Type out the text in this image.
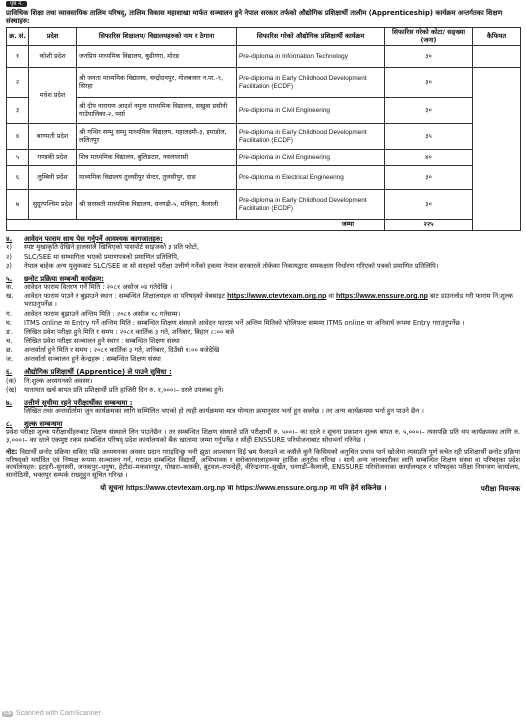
पृष्ठ नं.

प्राविधिक शिक्षा तथा व्यावसायिक तालिम परिषद्, तालिम विकास महाशाखा मार्फत सञ्चालन हुने नेपाल सरकार तर्फको औद्योगिक प्रशिक्षार्थी तालीम (Apprenticeship) कार्यक्रम अन्तर्गतका शिक्षण संस्थाहरु:

क्र. सं.	प्रदेश	सिफारिस शिक्षालय/ विद्यालयहरुको नाम र ठेगाना	सिफारिस गरेको औद्योगिक प्रशिक्षार्थी कार्यक्रम	सिफारिस गरेको कोटा/ सङ्ख्या (जना)	कैफियत
१	कोशी प्रदेश	जनप्रिय माध्यमिक विद्यालय, बुढीगंगा, मोरङ	Pre-diploma in Information Technology	३०	
२	मधेश प्रदेश	श्री जनता माध्यमिक विद्यालय, चन्द्रोदयपुर, गोलबजार न.पा.-९, सिरहा	Pre-diploma in Early Childhood Development Facilitation (ECDF)	३०	
३		श्री दीप नारायण आदर्श नमुना माध्यमिक विद्यालय, सखुवा प्रसौनी गाउँपालिका-२, पर्सा	Pre-diploma in Civil Engineering	३०	
४	बागमती प्रदेश	श्री गन्धिर सम्भु सम्भु माध्यमिक विद्यालय, महालक्ष्मी-३, इमाडोल, ललितपुर	Pre-diploma in Early Childhood Development Facilitation (ECDF)	३५	
५	गण्डकी प्रदेश	शिव माध्यमिक विद्यालय, बुलिङटार, नवलपरासी	Pre-diploma in Civil Engineering	४०	
६	लुम्बिनी प्रदेश	माध्यमिक विद्यालय तुलसीपुर सेन्टर, तुलसीपुर, दाङ	Pre-diploma in Electrical Engineering	३०	
७	सुदूरपश्चिम प्रदेश	श्री सरस्वती माध्यमिक विद्यालय, धनगढी-५, मनिहरा, कैलाली	Pre-diploma in Early Childhood Development Facilitation (ECDF)	३०	
जम्मा				२२५	
४.	आवेदन फाराम साथ पेस गर्नुपर्ने आवश्यक कागजातहरु:
१)	स्पष्ट मुखाकृति देखिने हालसालै खिचिएको पासपोर्ट साइजको ३ प्रति फोटो,
२)	SLC/SEE मा सम्भागिता भएको प्रमाणपत्रको प्रमाणित प्रतिलिपि,
३)	नेपाल बाहेक अन्य मुलुकबाट SLC/SEE वा सो सरहको परीक्षा उत्तीर्ण गर्नेको हकमा नेपाल सरकारले तोकेका निकायद्वारा समकक्षता निर्धारण गरिएको पत्रको प्रमाणित प्रतिलिपि।
५.	छनोट प्रक्रिया सम्बन्धी कार्यक्रम:
क.	आवेदन फाराम वितरण गर्ने मिति : २०८१ असोज ०४ गतेदेखि ।
ख.	आवेदन फाराम पाउने र बुझाउने स्थान : सम्बन्धित शिक्षालयहरु वा परिषद्को वेबसाइट https://www.ctevtexam.org.np वा https://www.enssure.org.np बाट डाउनलोड गरी फाराम नि:शुल्क भराउनुपर्नेछ ।
ग.	आवेदन फाराम बुझाउने अन्तिम मिति : २०८१ असोज १८ गतेसम्म।
घ.	ITMS online मा Entry गर्ने अन्तिम मिति : सम्बन्धित शिक्षण संस्थाले आवेदन फाराम भर्ने अन्तिम मितिको भोलिपल्ट सम्ममा ITMS online मा अनिवार्य रूपमा Entry गराउनुपर्नेछ ।
ङ.	लिखित प्रवेश परीक्षा हुने मिति र समय : २०८१ कार्तिक ३ गते, शनिबार, बिहान ८:०० बजे
च.	लिखित प्रवेश परीक्षा सञ्चालन हुने स्थान : सम्बन्धित शिक्षण संस्था
छ.	अन्तर्वार्ता हुने मिति र समय : २०८१ कार्तिक ३ गते, शनिबार, दिउँसो १:०० बजेदेखि
ज.	अन्तर्वार्ता सञ्चालन हुने केन्द्रहरू : सम्बन्धित शिक्षण संस्था
६.	औद्योगिक प्रशिक्षार्थी (Apprentice) ले पाउने सुविधा :
(क)	नि:शुल्क अध्ययनको अवसर।
(ख)	यातायात खर्च बापत प्रति प्रशिक्षार्थी प्रति हाजिरी दिन रु. १,०००।– दरले उपलब्ध हुने।
७.	उत्तीर्ण सूचीमा रहने परीक्षार्थीका सम्बन्धमा :
लिखित तथा अन्तर्वार्तामा जुन कार्यक्रमका लागि सम्मिलित भएको हो त्यही कार्यक्रममा मात्र योग्यता क्रमानुसार भर्ना हुन सक्नेछ । तर अन्य कार्यक्रममा भर्ना हुन पाउने छैन ।
८.	शुल्क सम्बन्धमा
प्रवेश परीक्षा शुल्क परीक्षार्थीहरुबाट शिक्षण संस्थाले लिन पाउनेछैन । तर सम्बन्धित शिक्षण संस्थाले प्रति परीक्षार्थी रु. ५००।– का दरले र सूचना प्रकाशन शुल्क बापत रु. ५,०००।– त्यसपछि प्रति थप कार्यक्रमका लागि रु. ३,०००।– का दरले एकमुष्ट रकम सम्बन्धित परिषद् प्रदेश कार्यालयको बैंक खातामा जम्मा गर्नुपर्नेछ र सोही ENSSURE परियोजनाबाट सोधभर्ना गरिनेछ ।

नोट: विद्यार्थी छनोट प्रक्रिया सकिए पछि अध्ययनका अवसर प्रदान गराइदिन्छु भनी झुठा आश्वासन दिई भ्रम फैलाउने वा कसैले कुनै किसिमको अनुचित प्रभाव पार्न खोजेमा त्यसप्रति पूर्ण सचेत रही प्रशिक्षार्थी छनोट प्रक्रिया परिषद्को मर्यादित एवं निष्पक्ष रूपमा सञ्चालन गर्न, गराउन सम्बन्धित विद्यार्थी, अभिभावक र सरोकारवालाहरूमा हार्दिक अनुरोध गरिन्छ । साथै अन्य जानकारीका लागि सम्बन्धित शिक्षण संस्था वा परिषद्का प्रदेश कार्यालयहरु: इटहरी–सुनसरी, जनकपुर–धनुषा, हेटौंडा–मकवानपुर, पोखरा–कास्की, बुटवल–रुपन्देही, वीरेन्द्रनगर–सुर्खेत, धनगढी–कैलाली, ENSSURE परियोजनाका कार्यालयहरु र परिषद्का परीक्षा नियन्त्रण कार्यालय, सानोठिमी, भक्तपुर सम्पर्क राख्नुहुन सूचित गरिन्छ ।

यो सूचना https://www.ctevtexam.org.np वा https://www.enssure.org.np मा पनि हेर्न सकिनेछ ।	परीक्षा नियन्त्रक
CS Scanned with CamScanner
